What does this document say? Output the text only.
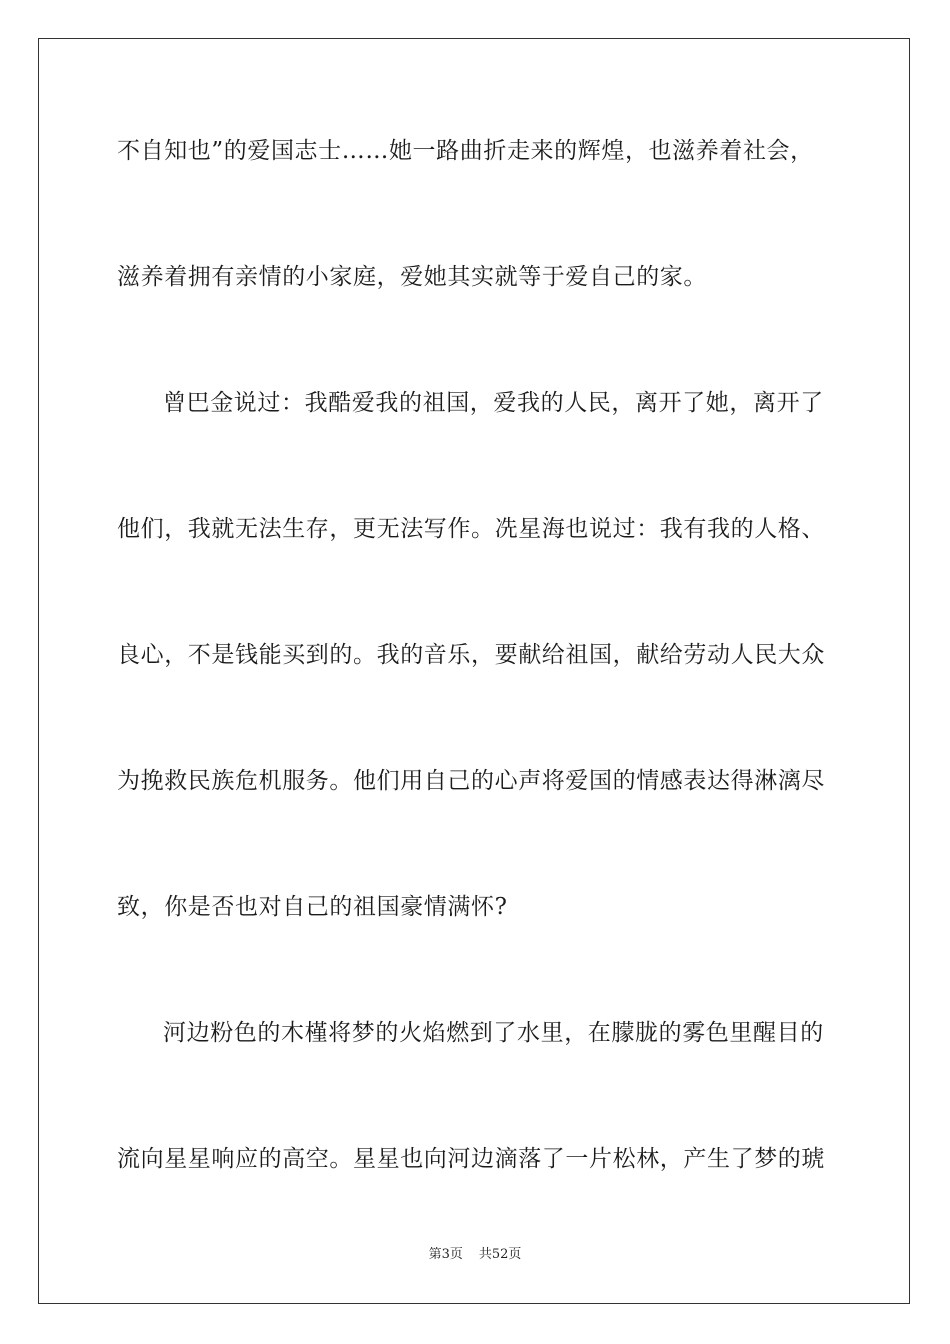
不自知也”的爱国志士……她一路曲折走来的辉煌，也滋养着社会，
滋养着拥有亲情的小家庭，爱她其实就等于爱自己的家。
曾巴金说过：我酷爱我的祖国，爱我的人民，离开了她，离开了
他们，我就无法生存，更无法写作。冼星海也说过：我有我的人格、
良心，不是钱能买到的。我的音乐，要献给祖国，献给劳动人民大众
为挽救民族危机服务。他们用自己的心声将爱国的情感表达得淋漓尽
致，你是否也对自己的祖国豪情满怀?
河边粉色的木槿将梦的火焰燃到了水里，在朦胧的雾色里醒目的
流向星星响应的高空。星星也向河边滴落了一片松林，产生了梦的琥
第3页 共52页
